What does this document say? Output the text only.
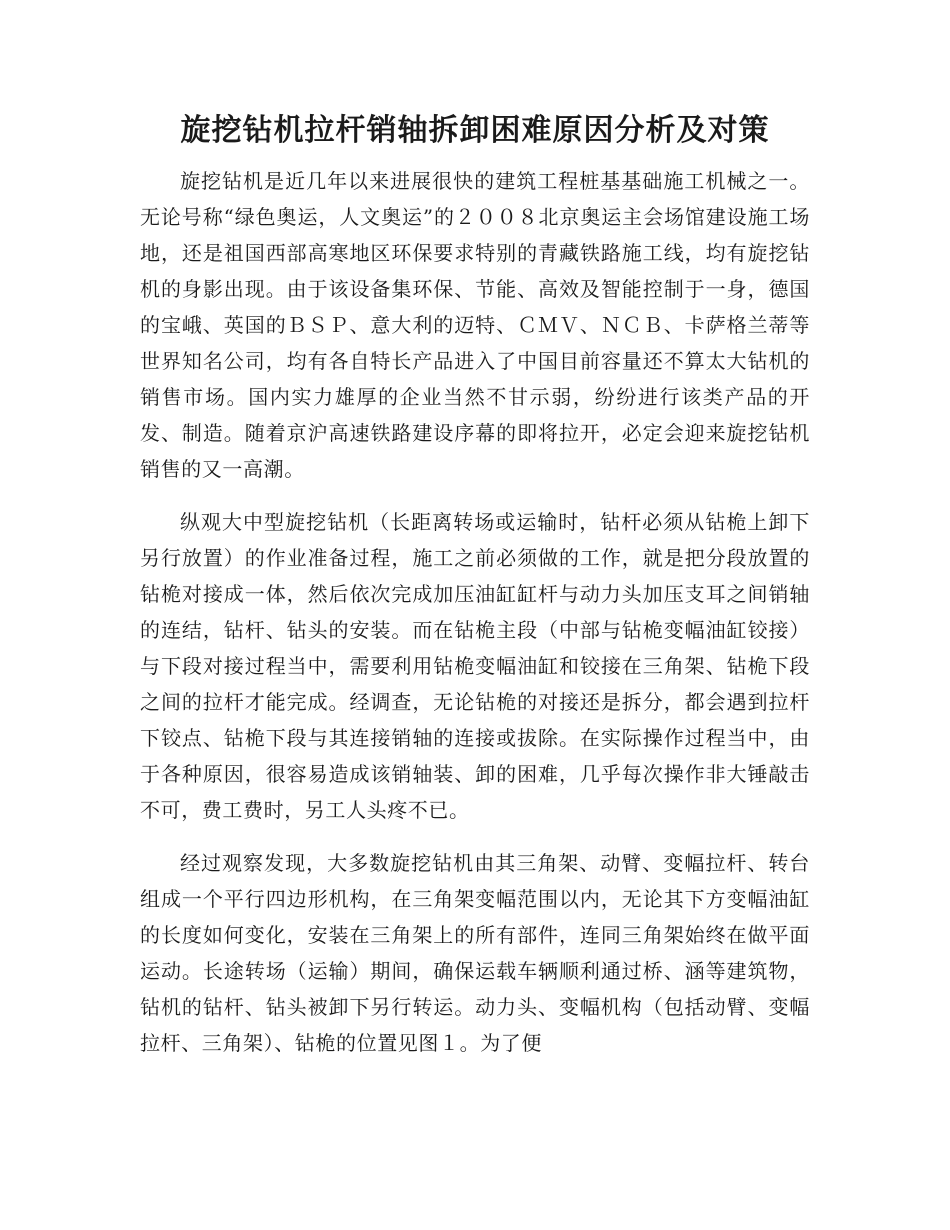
旋挖钻机拉杆销轴拆卸困难原因分析及对策

旋挖钻机是近几年以来进展很快的建筑工程桩基基础施工机械之一。无论号称“绿色奥运，人文奥运”的２００８北京奥运主会场馆建设施工场地，还是祖国西部高寒地区环保要求特别的青藏铁路施工线，均有旋挖钻机的身影出现。由于该设备集环保、节能、高效及智能控制于一身，德国的宝峨、英国的ＢＳＰ、意大利的迈特、ＣＭＶ、ＮＣＢ、卡萨格兰蒂等世界知名公司，均有各自特长产品进入了中国目前容量还不算太大钻机的销售市场。国内实力雄厚的企业当然不甘示弱，纷纷进行该类产品的开发、制造。随着京沪高速铁路建设序幕的即将拉开，必定会迎来旋挖钻机销售的又一高潮。

纵观大中型旋挖钻机（长距离转场或运输时，钻杆必须从钻桅上卸下另行放置）的作业准备过程，施工之前必须做的工作，就是把分段放置的钻桅对接成一体，然后依次完成加压油缸缸杆与动力头加压支耳之间销轴的连结，钻杆、钻头的安装。而在钻桅主段（中部与钻桅变幅油缸铰接）与下段对接过程当中，需要利用钻桅变幅油缸和铰接在三角架、钻桅下段之间的拉杆才能完成。经调查，无论钻桅的对接还是拆分，都会遇到拉杆下铰点、钻桅下段与其连接销轴的连接或拔除。在实际操作过程当中，由于各种原因，很容易造成该销轴装、卸的困难，几乎每次操作非大锤敲击不可，费工费时，另工人头疼不已。

经过观察发现，大多数旋挖钻机由其三角架、动臂、变幅拉杆、转台组成一个平行四边形机构，在三角架变幅范围以内，无论其下方变幅油缸的长度如何变化，安装在三角架上的所有部件，连同三角架始终在做平面运动。长途转场（运输）期间，确保运载车辆顺利通过桥、涵等建筑物，钻机的钻杆、钻头被卸下另行转运。动力头、变幅机构（包括动臂、变幅拉杆、三角架）、钻桅的位置见图１。为了便
